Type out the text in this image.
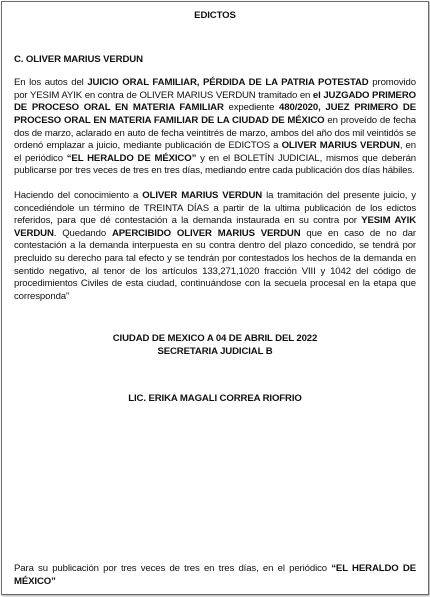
EDICTOS
C. OLIVER MARIUS VERDUN

En los autos del JUICIO ORAL FAMILIAR, PÉRDIDA DE LA PATRIA POTESTAD promovido por YESIM AYIK en contra de OLIVER MARIUS VERDUN tramitado en el JUZGADO PRIMERO DE PROCESO ORAL EN MATERIA FAMILIAR expediente 480/2020, JUEZ PRIMERO DE PROCESO ORAL EN MATERIA FAMILIAR DE LA CIUDAD DE MÉXICO en proveído de fecha dos de marzo, aclarado en auto de fecha veintitrés de marzo, ambos del año dos mil veintidós se ordenó emplazar a juicio, mediante publicación de EDICTOS a OLIVER MARIUS VERDUN, en el periódico “EL HERALDO DE MÉXICO” y en el BOLETÍN JUDICIAL, mismos que deberán publicarse por tres veces de tres en tres días, mediando entre cada publicación dos días hábiles.

Haciendo del conocimiento a OLIVER MARIUS VERDUN la tramitación del presente juicio, y concediéndole un término de TREINTA DÍAS a partir de la ultima publicación de los edictos referidos, para que dé contestación a la demanda instaurada en su contra por YESIM AYIK VERDUN. Quedando APERCIBIDO OLIVER MARIUS VERDUN que en caso de no dar contestación a la demanda interpuesta en su contra dentro del plazo concedido, se tendrá por precluido su derecho para tal efecto y se tendrán por contestados los hechos de la demanda en sentido negativo, al tenor de los artículos 133,271,1020 fracción VIII y 1042 del código de procedimientos Civiles de esta ciudad, continuándose con la secuela procesal en la etapa que corresponda”

CIUDAD DE MEXICO A 04 DE ABRIL DEL 2022
SECRETARIA JUDICIAL B
LIC. ERIKA MAGALI CORREA RIOFRIO

Para su publicación por tres veces de tres en tres días, en el periódico “EL HERALDO DE MÉXICO”
